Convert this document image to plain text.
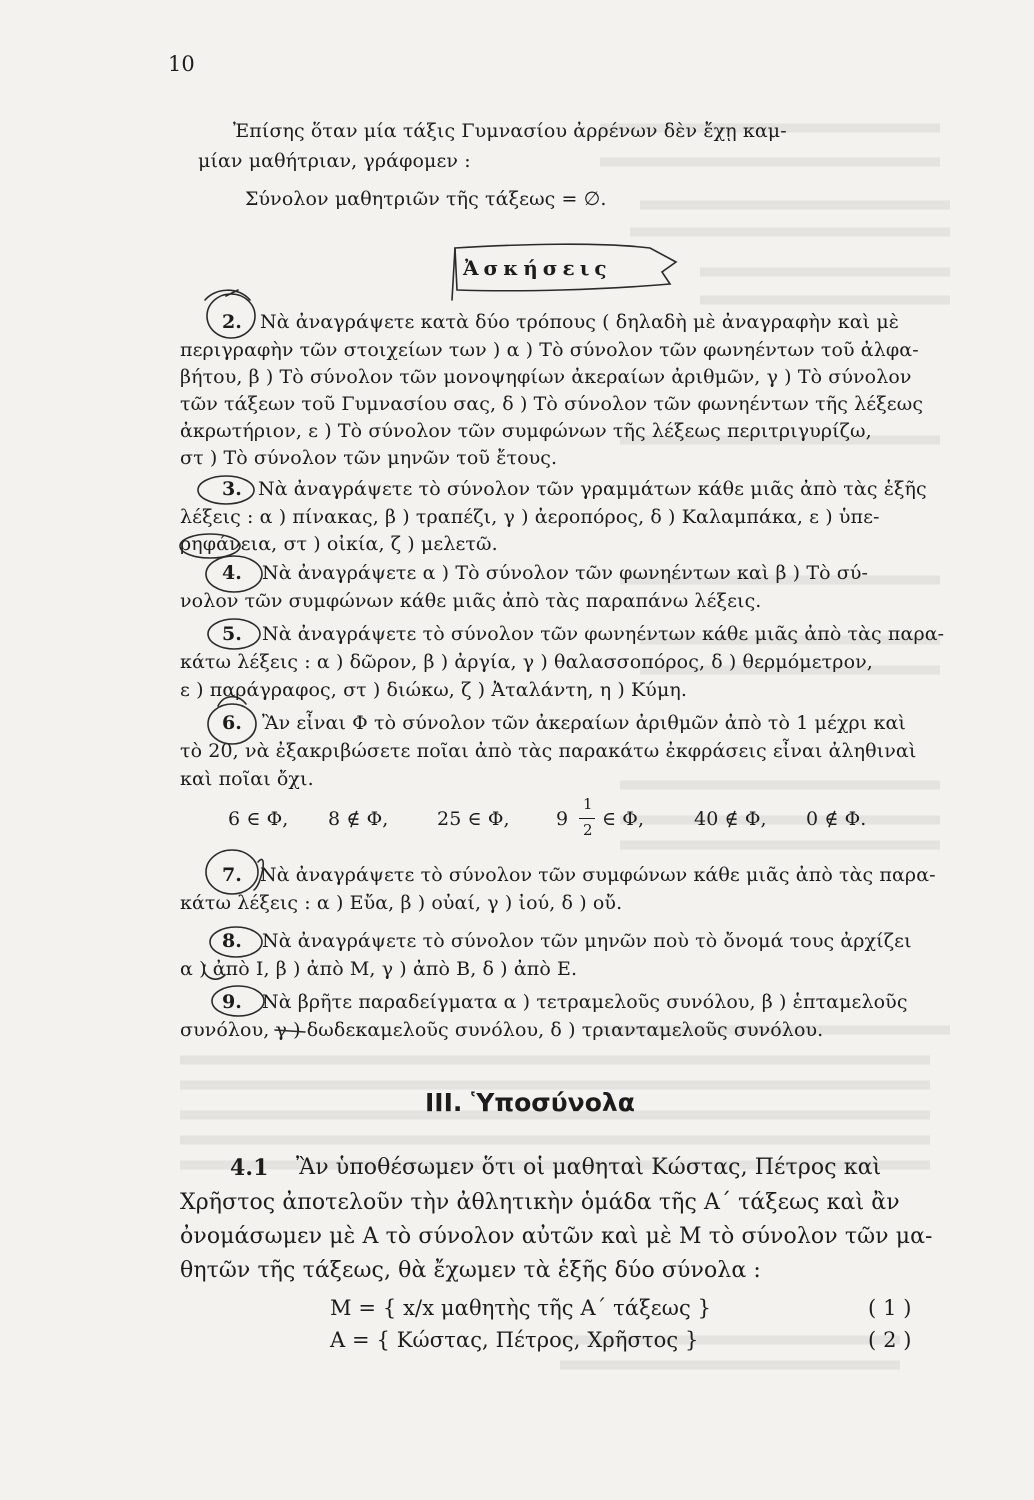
10
Ἐπίσης ὅταν μία τάξις Γυμνασίου ἀρρένων δὲν ἔχῃ καμ-
μίαν μαθήτριαν, γράφομεν :
Σύνολον μαθητριῶν τῆς τάξεως = ∅.
Ἀσκήσεις
2. Νὰ ἀναγράψετε κατὰ δύο τρόπους ( δηλαδὴ μὲ ἀναγραφὴν καὶ μὲ
περιγραφὴν τῶν στοιχείων των ) α ) Τὸ σύνολον τῶν φωνηέντων τοῦ ἀλφα-
βήτου, β ) Τὸ σύνολον τῶν μονοψηφίων ἀκεραίων ἀριθμῶν, γ ) Τὸ σύνολον
τῶν τάξεων τοῦ Γυμνασίου σας, δ ) Τὸ σύνολον τῶν φωνηέντων τῆς λέξεως
ἀκρωτήριον, ε ) Τὸ σύνολον τῶν συμφώνων τῆς λέξεως περιτριγυρίζω,
στ ) Τὸ σύνολον τῶν μηνῶν τοῦ ἔτους.
3. Νὰ ἀναγράψετε τὸ σύνολον τῶν γραμμάτων κάθε μιᾶς ἀπὸ τὰς ἑξῆς
λέξεις : α ) πίνακας, β ) τραπέζι, γ ) ἀεροπόρος, δ ) Καλαμπάκα, ε ) ὑπε-
ρηφάνεια, στ ) οἰκία, ζ ) μελετῶ.
4. Νὰ ἀναγράψετε α ) Τὸ σύνολον τῶν φωνηέντων καὶ β ) Τὸ σύ-
νολον τῶν συμφώνων κάθε μιᾶς ἀπὸ τὰς παραπάνω λέξεις.
5. Νὰ ἀναγράψετε τὸ σύνολον τῶν φωνηέντων κάθε μιᾶς ἀπὸ τὰς παρα-
κάτω λέξεις : α ) δῶρον, β ) ἀργία, γ ) θαλασσοπόρος, δ ) θερμόμετρον,
ε ) παράγραφος, στ ) διώκω, ζ ) Ἀταλάντη, η ) Κύμη.
6. Ἂν εἶναι Φ τὸ σύνολον τῶν ἀκεραίων ἀριθμῶν ἀπὸ τὸ 1 μέχρι καὶ
τὸ 20, νὰ ἐξακριβώσετε ποῖαι ἀπὸ τὰς παρακάτω ἐκφράσεις εἶναι ἀληθιναὶ
καὶ ποῖαι ὄχι.
6 ∈ Φ, 8 ∉ Φ,	25 ∈ Φ, 9
1
2 ∈ Φ,	40 ∉ Φ, 0 ∉ Φ.
7. Νὰ ἀναγράψετε τὸ σύνολον τῶν συμφώνων κάθε μιᾶς ἀπὸ τὰς παρα-
κάτω λέξεις : α ) Εὔα, β ) οὐαί, γ ) ἰού, δ ) οὔ.
8. Νὰ ἀναγράψετε τὸ σύνολον τῶν μηνῶν ποὺ τὸ ὄνομά τους ἀρχίζει
α ) ἀπὸ Ι, β ) ἀπὸ Μ, γ ) ἀπὸ Β, δ ) ἀπὸ Ε.
9. Νὰ βρῆτε παραδείγματα α ) τετραμελοῦς συνόλου, β ) ἑπταμελοῦς
συνόλου, γ ) δωδεκαμελοῦς συνόλου, δ ) τριανταμελοῦς συνόλου.
ΙΙΙ. Ὑποσύνολα
4.1 Ἂν ὑποθέσωμεν ὅτι οἱ μαθηταὶ Κώστας, Πέτρος καὶ
Χρῆστος ἀποτελοῦν τὴν ἀθλητικὴν ὁμάδα τῆς Α΄ τάξεως καὶ ἂν
ὀνομάσωμεν μὲ Α τὸ σύνολον αὐτῶν καὶ μὲ Μ τὸ σύνολον τῶν μα-
θητῶν τῆς τάξεως, θὰ ἔχωμεν τὰ ἑξῆς δύο σύνολα :
Μ = { x/x μαθητὴς τῆς Α΄ τάξεως }	( 1 )
Α = { Κώστας, Πέτρος, Χρῆστος }	( 2 )
